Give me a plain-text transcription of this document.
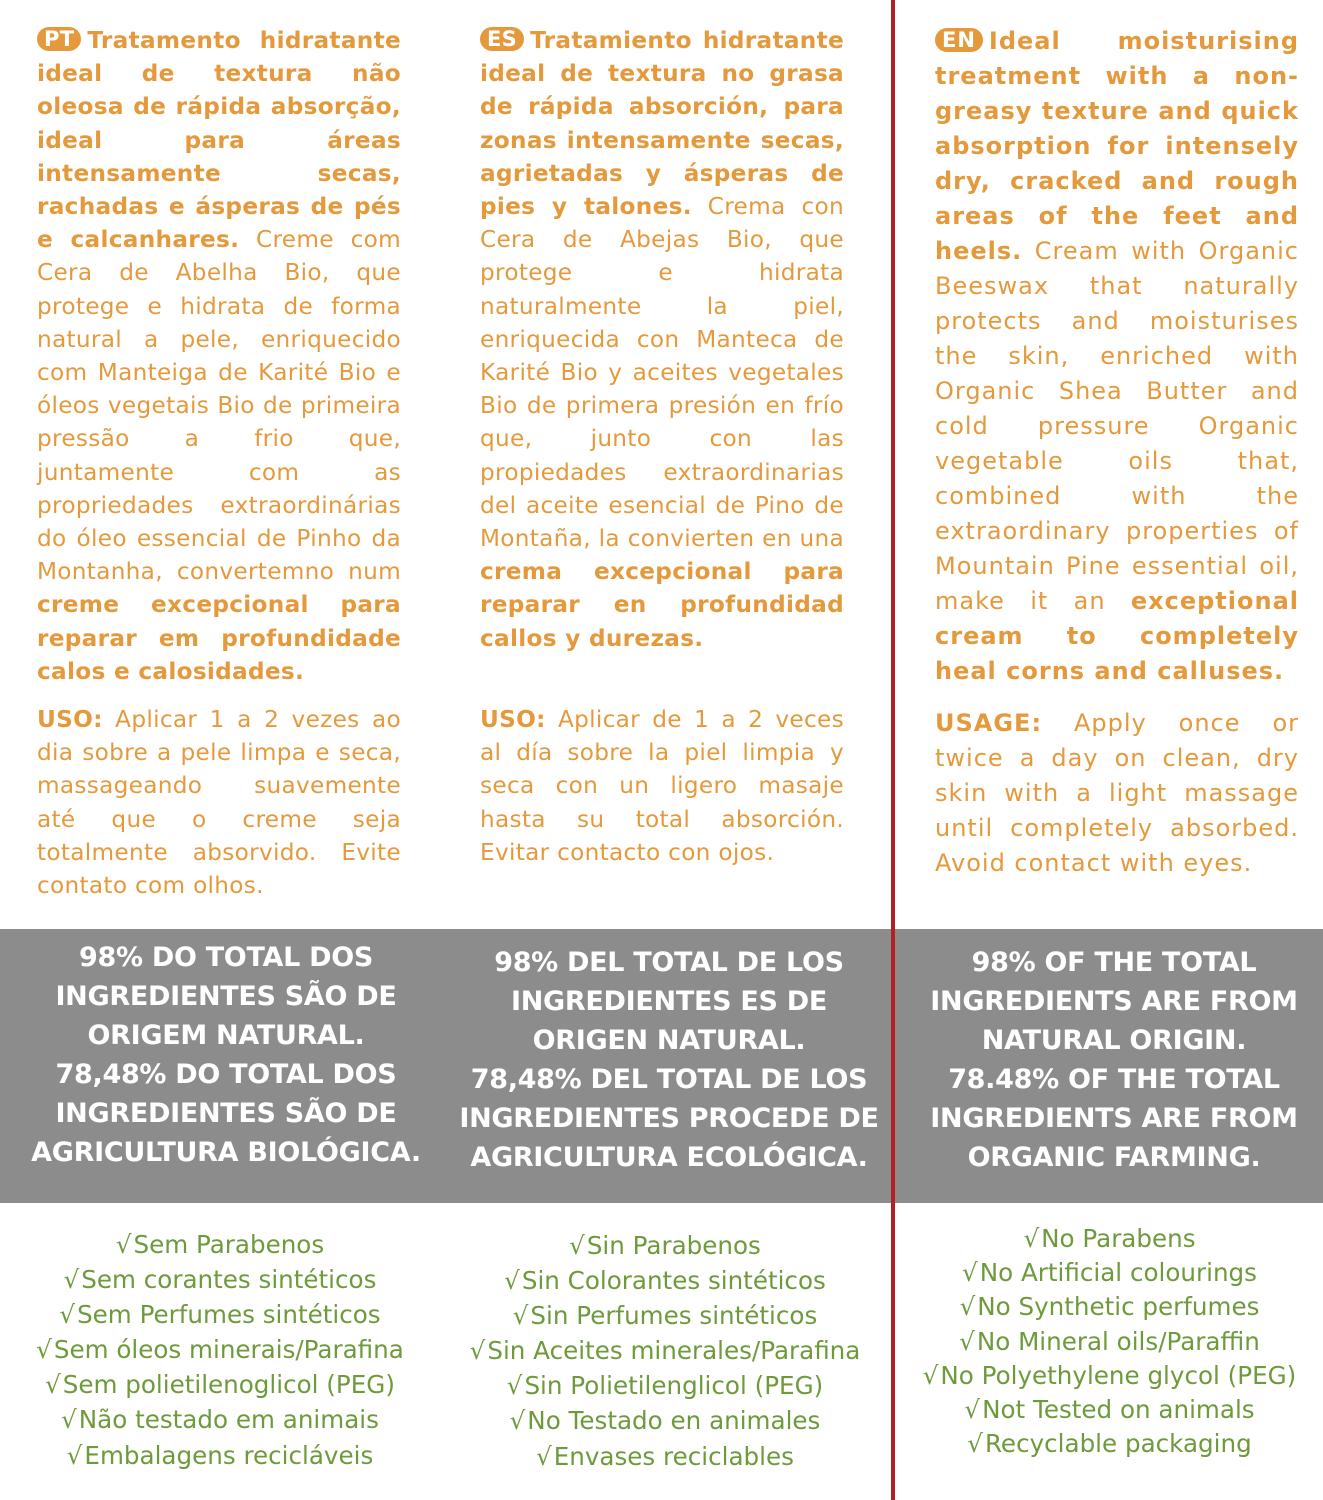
PT Tratamento hidratante ideal de textura não oleosa de rápida absorção, ideal para áreas intensamente secas, rachadas e ásperas de pés e calcanhares. Creme com Cera de Abelha Bio, que protege e hidrata de forma natural a pele, enriquecido com Manteiga de Karité Bio e óleos vegetais Bio de primeira pressão a frio que, juntamente com as propriedades extraordinárias do óleo essencial de Pinho da Montanha, convertemno num creme excepcional para reparar em profundidade calos e calosidades.
USO: Aplicar 1 a 2 vezes ao dia sobre a pele limpa e seca, massageando suavemente até que o creme seja totalmente absorvido. Evite contato com olhos.
98% DO TOTAL DOS
INGREDIENTES SÃO DE
ORIGEM NATURAL.
78,48% DO TOTAL DOS
INGREDIENTES SÃO DE
AGRICULTURA BIOLÓGICA.
√Sem Parabenos
√Sem corantes sintéticos
√Sem Perfumes sintéticos
√Sem óleos minerais/Parafina
√Sem polietilenoglicol (PEG)
√Não testado em animais
√Embalagens recicláveis
ES Tratamiento hidratante ideal de textura no grasa de rápida absorción, para zonas intensamente secas, agrietadas y ásperas de pies y talones. Crema con Cera de Abejas Bio, que protege e hidrata naturalmente la piel, enriquecida con Manteca de Karité Bio y aceites vegetales Bio de primera presión en frío que, junto con las propiedades extraordinarias del aceite esencial de Pino de Montaña, la convierten en una crema excepcional para reparar en profundidad callos y durezas.
USO: Aplicar de 1 a 2 veces al día sobre la piel limpia y seca con un ligero masaje hasta su total absorción. Evitar contacto con ojos.
98% DEL TOTAL DE LOS
INGREDIENTES ES DE
ORIGEN NATURAL.
78,48% DEL TOTAL DE LOS
INGREDIENTES PROCEDE DE
AGRICULTURA ECOLÓGICA.
√Sin Parabenos
√Sin Colorantes sintéticos
√Sin Perfumes sintéticos
√Sin Aceites minerales/Parafina
√Sin Polietilenglicol (PEG)
√No Testado en animales
√Envases reciclables
EN Ideal moisturising treatment with a non-greasy texture and quick absorption for intensely dry, cracked and rough areas of the feet and heels. Cream with Organic Beeswax that naturally protects and moisturises the skin, enriched with Organic Shea Butter and cold pressure Organic vegetable oils that, combined with the extraordinary properties of Mountain Pine essential oil, make it an exceptional cream to completely heal corns and calluses.
USAGE: Apply once or twice a day on clean, dry skin with a light massage until completely absorbed. Avoid contact with eyes.
98% OF THE TOTAL
INGREDIENTS ARE FROM
NATURAL ORIGIN.
78.48% OF THE TOTAL
INGREDIENTS ARE FROM
ORGANIC FARMING.
√No Parabens
√No Artificial colourings
√No Synthetic perfumes
√No Mineral oils/Paraffin
√No Polyethylene glycol (PEG)
√Not Tested on animals
√Recyclable packaging
